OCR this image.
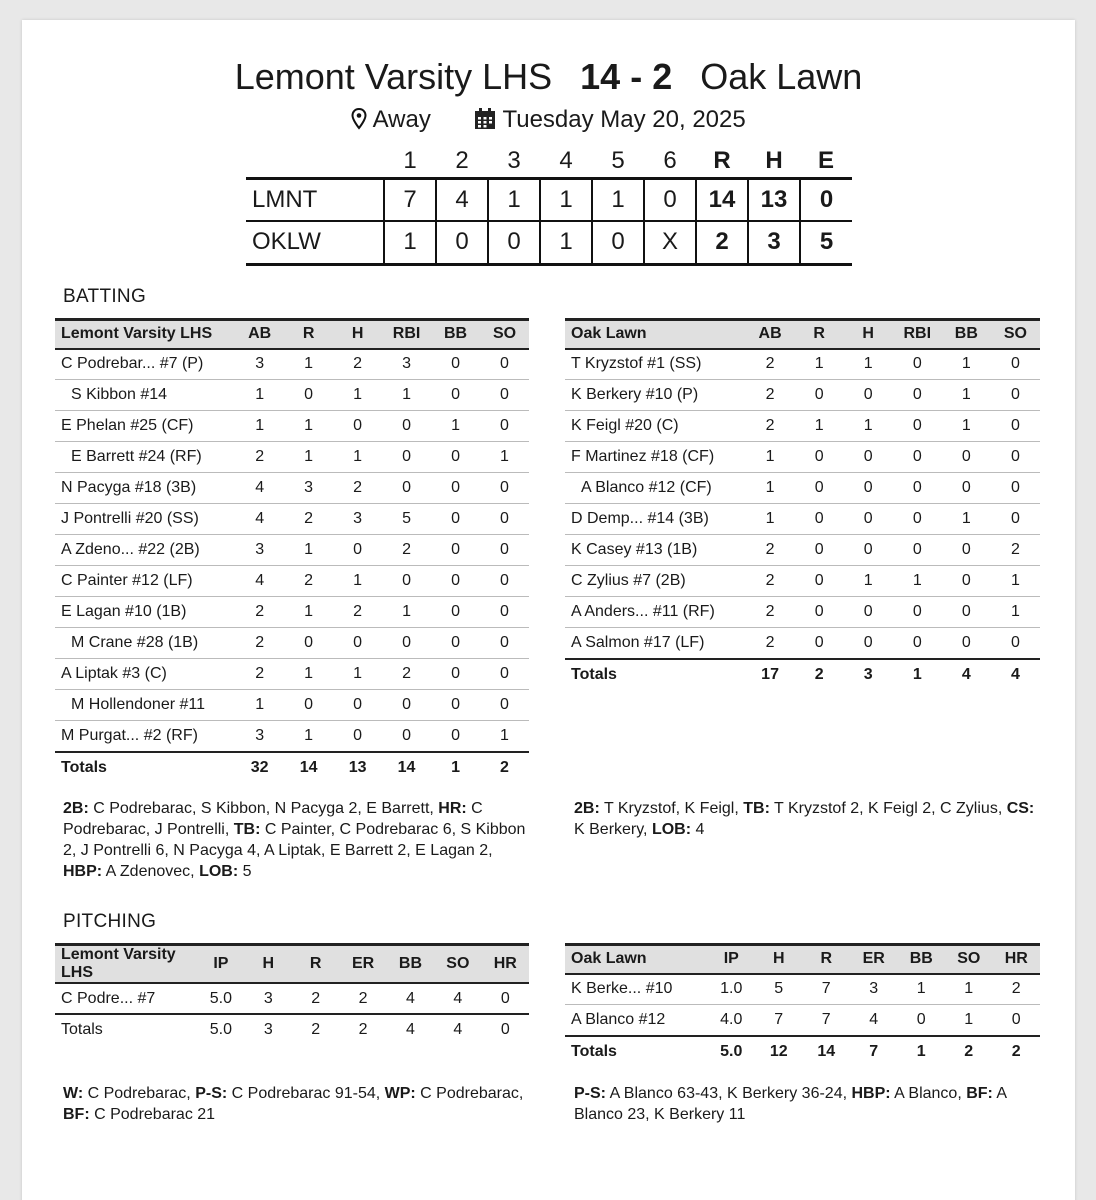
Lemont Varsity LHS 14 - 2 Oak Lawn
Away	Tuesday May 20, 2025
	1	2	3	4	5	6	R	H	E
LMNT	7	4	1	1	1	0	14	13	0
OKLW	1	0	0	1	0	X	2	3	5
BATTING
Lemont Varsity LHS	AB	R	H	RBI	BB	SO
C Podrebar... #7 (P)	3	1	2	3	0	0
S Kibbon #14	1	0	1	1	0	0
E Phelan #25 (CF)	1	1	0	0	1	0
E Barrett #24 (RF)	2	1	1	0	0	1
N Pacyga #18 (3B)	4	3	2	0	0	0
J Pontrelli #20 (SS)	4	2	3	5	0	0
A Zdeno... #22 (2B)	3	1	0	2	0	0
C Painter #12 (LF)	4	2	1	0	0	0
E Lagan #10 (1B)	2	1	2	1	0	0
M Crane #28 (1B)	2	0	0	0	0	0
A Liptak #3 (C)	2	1	1	2	0	0
M Hollendoner #11	1	0	0	0	0	0
M Purgat... #2 (RF)	3	1	0	0	0	1
Totals	32	14	13	14	1	2
Oak Lawn	AB	R	H	RBI	BB	SO
T Kryzstof #1 (SS)	2	1	1	0	1	0
K Berkery #10 (P)	2	0	0	0	1	0
K Feigl #20 (C)	2	1	1	0	1	0
F Martinez #18 (CF)	1	0	0	0	0	0
A Blanco #12 (CF)	1	0	0	0	0	0
D Demp... #14 (3B)	1	0	0	0	1	0
K Casey #13 (1B)	2	0	0	0	0	2
C Zylius #7 (2B)	2	0	1	1	0	1
A Anders... #11 (RF)	2	0	0	0	0	1
A Salmon #17 (LF)	2	0	0	0	0	0
Totals	17	2	3	1	4	4
2B: C Podrebarac, S Kibbon, N Pacyga 2, E Barrett, HR: C Podrebarac, J Pontrelli, TB: C Painter, C Podrebarac 6, S Kibbon 2, J Pontrelli 6, N Pacyga 4, A Liptak, E Barrett 2, E Lagan 2, HBP: A Zdenovec, LOB: 5
2B: T Kryzstof, K Feigl, TB: T Kryzstof 2, K Feigl 2, C Zylius, CS: K Berkery, LOB: 4
PITCHING
Lemont Varsity LHS	IP	H	R	ER	BB	SO	HR
C Podre... #7	5.0	3	2	2	4	4	0
Totals	5.0	3	2	2	4	4	0
Oak Lawn	IP	H	R	ER	BB	SO	HR
K Berke... #10	1.0	5	7	3	1	1	2
A Blanco #12	4.0	7	7	4	0	1	0
Totals	5.0	12	14	7	1	2	2
W: C Podrebarac, P-S: C Podrebarac 91-54, WP: C Podrebarac, BF: C Podrebarac 21
P-S: A Blanco 63-43, K Berkery 36-24, HBP: A Blanco, BF: A Blanco 23, K Berkery 11
